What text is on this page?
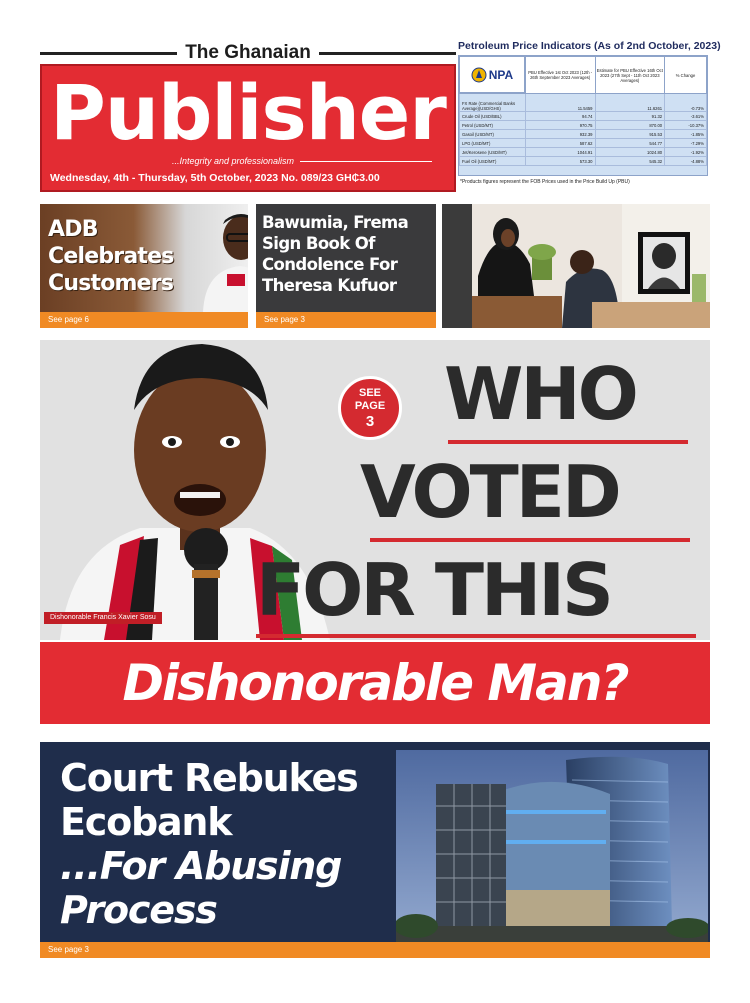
The Ghanaian
Publisher
...Integrity and professionalism
Wednesday, 4th - Thursday, 5th October, 2023 No. 089/23 GH₵3.00
Petroleum Price Indicators (As of 2nd October, 2023)
	PBU Effective 1st Oct 2023 (12th - 26th September 2023 Averages)	Estimate for PBU Effective 16th Oct 2023 (27th Sept - 11th Oct 2023 Averages)	% Change
FX Rate (Commercial Banks Average)(USD/GHS)	11.5459	11.6261	-0.73%
Crude Oil (USD/BBL)	94.74	91.32	-3.61%
Petrol (USD/MT)	970.75	870.00	-10.37%
Gasoil (USD/MT)	932.39	915.53	-1.85%
LPG (USD/MT)	587.62	544.77	-7.29%
Jet/Kerosene (USD/MT)	1044.91	1024.80	-1.92%
Fuel Oil (USD/MT)	573.30	545.32	-4.88%
NPA
*Products figures represent the FOB Prices used in the Price Build Up (PBU)
ADB
Celebrates
Customers
See page 6
Bawumia, Frema
Sign Book Of
Condolence For
Theresa Kufuor
See page 3
Dishonorable Francis Xavier Sosu
SEE
PAGE
3 WHO
VOTED
FOR THIS
Dishonorable Man?
Court Rebukes
Ecobank
...For Abusing
Process
See page 3
